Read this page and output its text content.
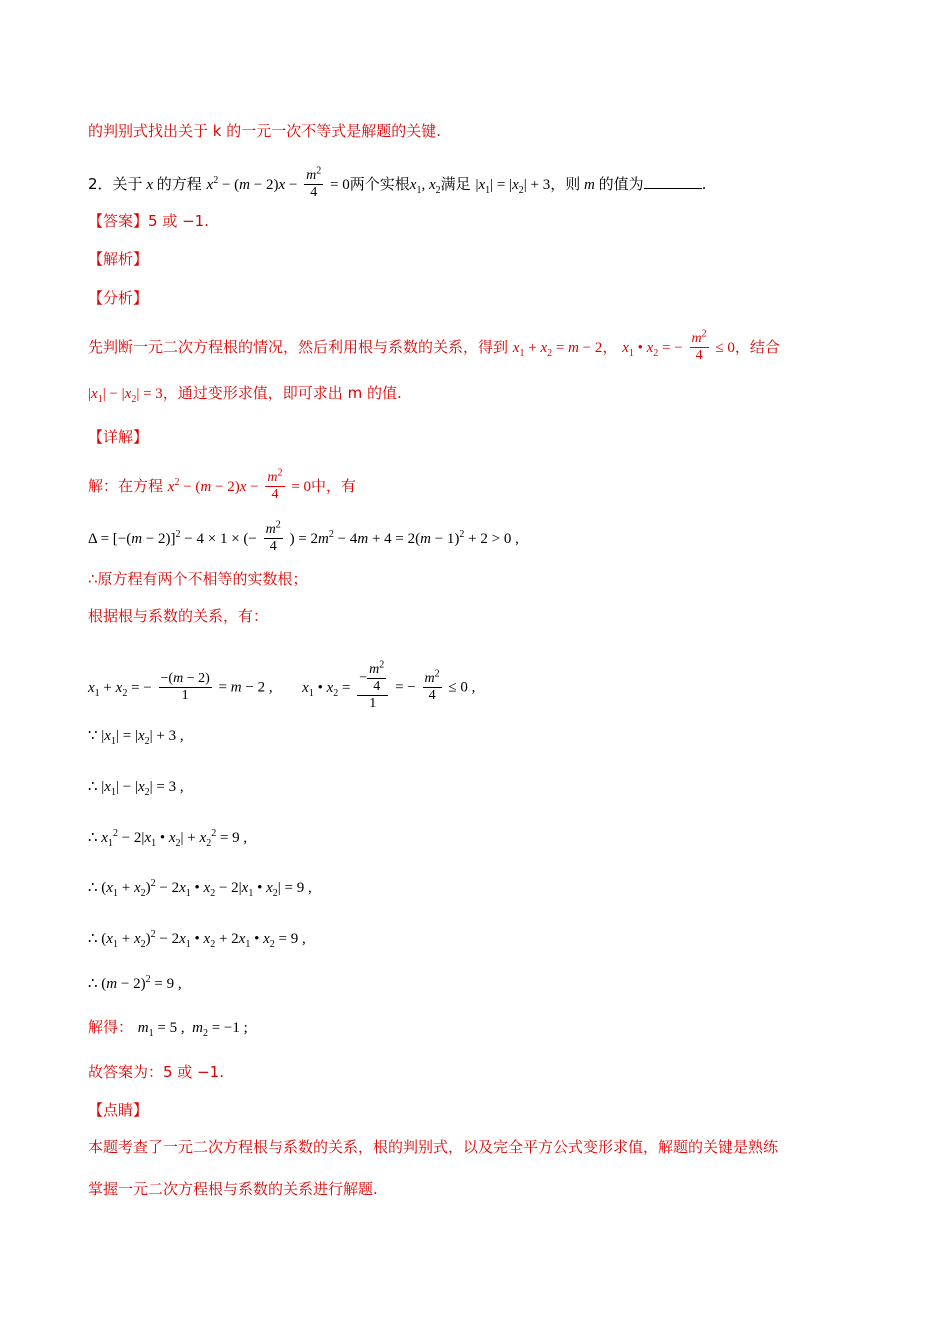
的判别式找出关于 k 的一元一次不等式是解题的关键.
2．关于 x 的方程 $x^2 - (m - 2)x - \frac{m^2}{4} = 0$两个实根$x_1$, $x_2$满足 $|x_1| = |x_2| + 3$，则 m 的值为	.
【答案】5 或 −1.
【解析】
【分析】
先判断一元二次方程根的情况，然后利用根与系数的关系，得到 $x_1 + x_2 = m - 2$， $x_1$ • $x_2$ = − $\frac{m^2}{4} \le 0$，结合
$|x_1| - |x_2| = 3$，通过变形求值，即可求出 m 的值.
【详解】
解：在方程 $x^2 - (m - 2)x - \frac{m^2}{4} = 0$中，有
$\Delta = [-(m - 2)]^2 - 4 \times 1$ × (− $\frac{m^2}{4}$ ) = $2m^2 - 4m + 4 = 2(m - 1)^2 + 2 > 0$ ,
∴原方程有两个不相等的实数根；
根据根与系数的关系，有：
$x_1 + x_2$ = − $\frac{-(m - 2)}{1} = m - 2$ , $x_1$ • $x_2 = \frac{- \frac{m^2}{4}}{1}$ = − $\frac{m^2}{4} \le 0$ ,
∵ $|x_1| = |x_2| + 3$ ,
∴ $|x_1| - |x_2| = 3$ ,
∴ $x_1^2 - 2|x_1$ • $x_2| + x_2^2 = 9$ ,
∴ $(x_1 + x_2)^2 - 2x_1$ • $x_2 - 2|x_1$ • $x_2| = 9$ ,
∴ $(x_1 + x_2)^2 - 2x_1$ • $x_2 + 2x_1$ • $x_2 = 9$ ,
∴ $(m - 2)^2 = 9$ ,
解得： $m_1 = 5$ ,  $m_2 = -1$ ;
故答案为：5 或 −1.
【点睛】
本题考查了一元二次方程根与系数的关系，根的判别式，以及完全平方公式变形求值，解题的关键是熟练
掌握一元二次方程根与系数的关系进行解题.
